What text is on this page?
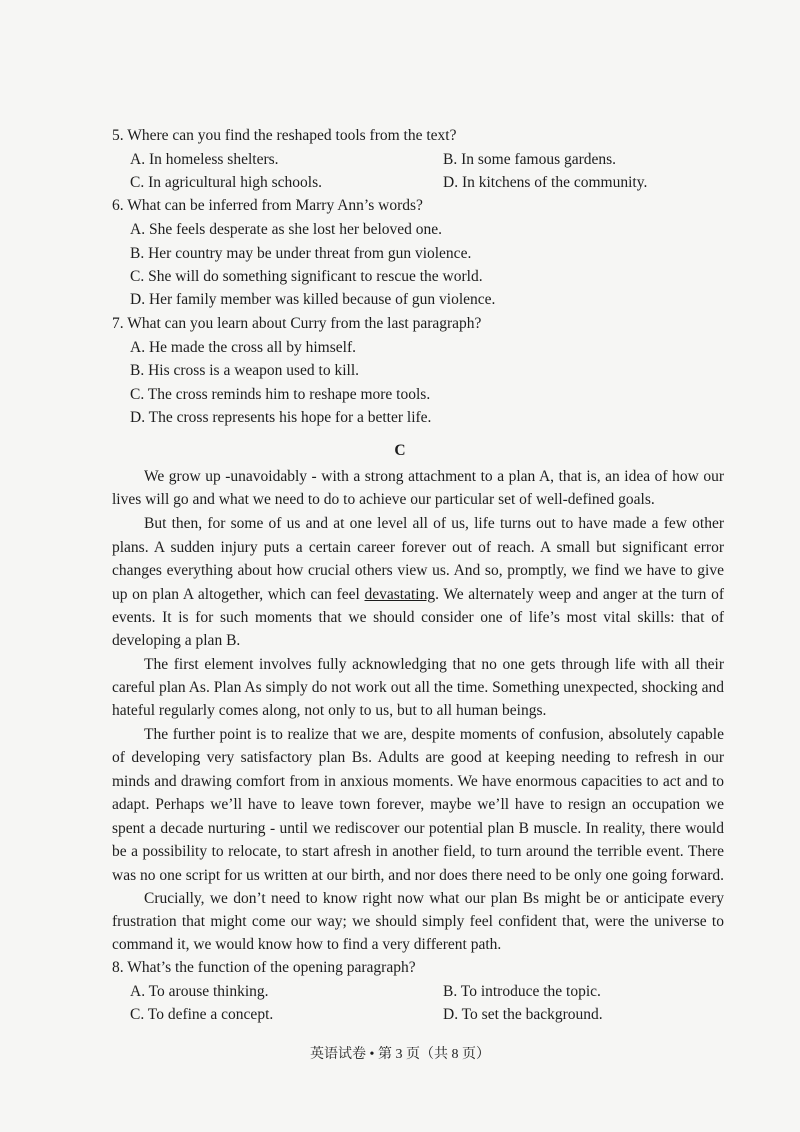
5. Where can you find the reshaped tools from the text?
A. In homeless shelters.	B. In some famous gardens.
C. In agricultural high schools.	D. In kitchens of the community.
6. What can be inferred from Marry Ann’s words?
A. She feels desperate as she lost her beloved one.
B. Her country may be under threat from gun violence.
C. She will do something significant to rescue the world.
D. Her family member was killed because of gun violence.
7. What can you learn about Curry from the last paragraph?
A. He made the cross all by himself.
B. His cross is a weapon used to kill.
C. The cross reminds him to reshape more tools.
D. The cross represents his hope for a better life.
C
We grow up -unavoidably - with a strong attachment to a plan A, that is, an idea of how our
lives will go and what we need to do to achieve our particular set of well-defined goals.
But then, for some of us and at one level all of us, life turns out to have made a few other
plans. A sudden injury puts a certain career forever out of reach. A small but significant error
changes everything about how crucial others view us. And so, promptly, we find we have to give
up on plan A altogether, which can feel devastating. We alternately weep and anger at the turn of
events. It is for such moments that we should consider one of life’s most vital skills: that of
developing a plan B.
The first element involves fully acknowledging that no one gets through life with all their
careful plan As. Plan As simply do not work out all the time. Something unexpected, shocking and
hateful regularly comes along, not only to us, but to all human beings.
The further point is to realize that we are, despite moments of confusion, absolutely capable
of developing very satisfactory plan Bs. Adults are good at keeping needing to refresh in our
minds and drawing comfort from in anxious moments. We have enormous capacities to act and to
adapt. Perhaps we’ll have to leave town forever, maybe we’ll have to resign an occupation we
spent a decade nurturing - until we rediscover our potential plan B muscle. In reality, there would
be a possibility to relocate, to start afresh in another field, to turn around the terrible event. There
was no one script for us written at our birth, and nor does there need to be only one going forward.
Crucially, we don’t need to know right now what our plan Bs might be or anticipate every
frustration that might come our way; we should simply feel confident that, were the universe to
command it, we would know how to find a very different path.
8. What’s the function of the opening paragraph?
A. To arouse thinking.	B. To introduce the topic.
C. To define a concept.	D. To set the background.
英语试卷 • 第 3 页（共 8 页）
